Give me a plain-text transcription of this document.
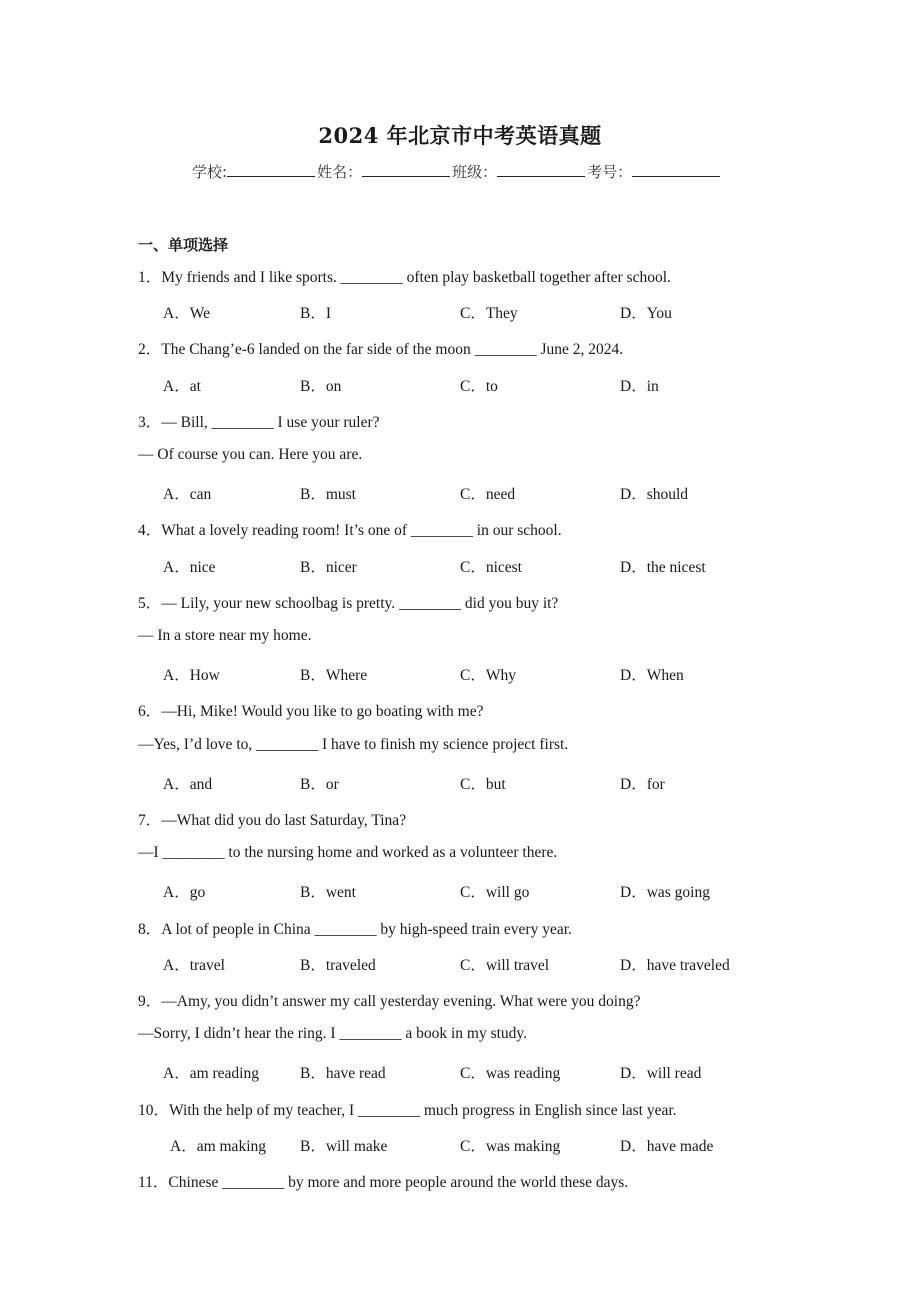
2024 年北京市中考英语真题
学校:	姓名：	班级：	考号：
一、单项选择
1．My friends and I like sports. ________ often play basketball together after school.
A．We	B．I	C．They	D．You
2．The Chang’e-6 landed on the far side of the moon ________ June 2, 2024.
A．at	B．on	C．to	D．in
3．— Bill, ________ I use your ruler?
— Of course you can. Here you are.
A．can	B．must	C．need	D．should
4．What a lovely reading room! It’s one of ________ in our school.
A．nice	B．nicer	C．nicest	D．the nicest
5．— Lily, your new schoolbag is pretty. ________ did you buy it?
— In a store near my home.
A．How	B．Where	C．Why	D．When
6．—Hi, Mike! Would you like to go boating with me?
—Yes, I’d love to, ________ I have to finish my science project first.
A．and	B．or	C．but	D．for
7．—What did you do last Saturday, Tina?
—I ________ to the nursing home and worked as a volunteer there.
A．go	B．went	C．will go	D．was going
8．A lot of people in China ________ by high-speed train every year.
A．travel	B．traveled	C．will travel	D．have traveled
9．—Amy, you didn’t answer my call yesterday evening. What were you doing?
—Sorry, I didn’t hear the ring. I ________ a book in my study.
A．am reading	B．have read	C．was reading	D．will read
10．With the help of my teacher, I ________ much progress in English since last year.
A．am making B．will make	C．was making	D．have made
11．Chinese ________ by more and more people around the world these days.
